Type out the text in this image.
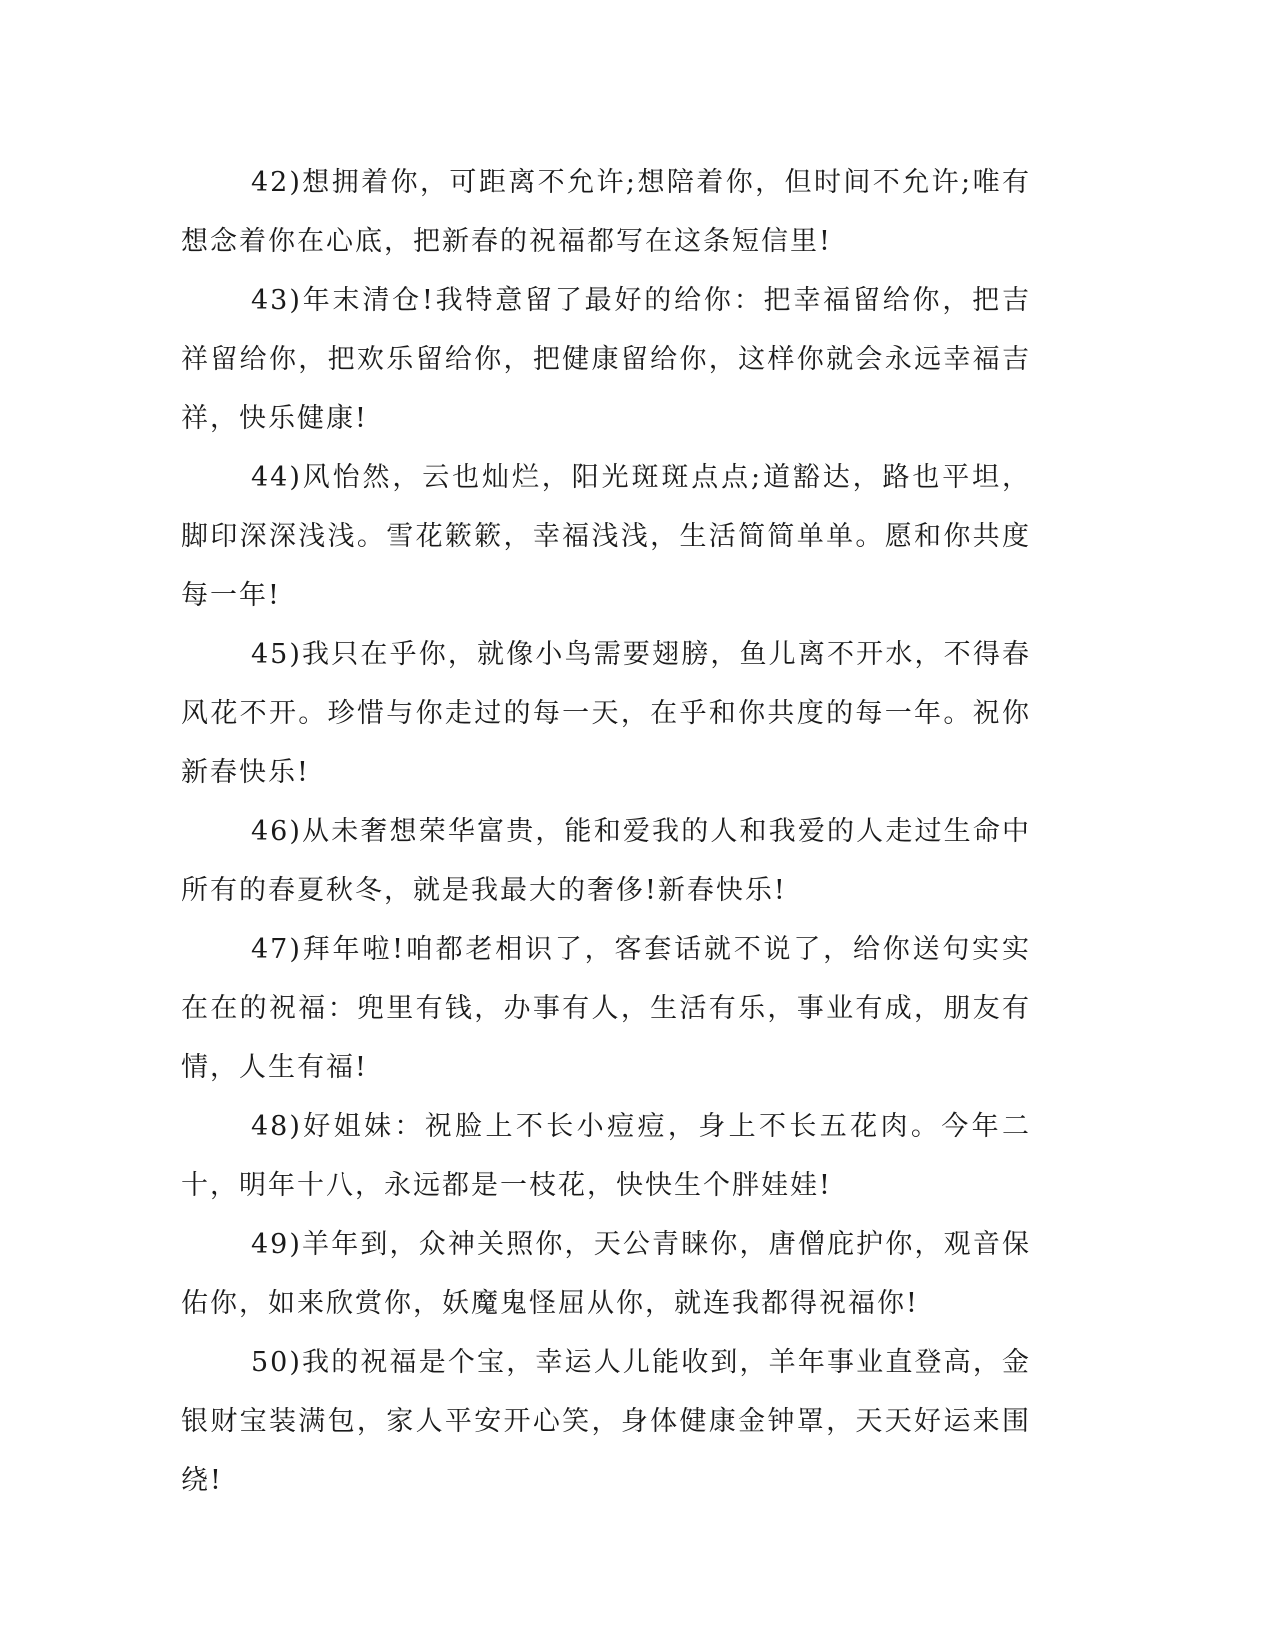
42)想拥着你，可距离不允许;想陪着你，但时间不允许;唯有想念着你在心底，把新春的祝福都写在这条短信里!

43)年末清仓!我特意留了最好的给你：把幸福留给你，把吉祥留给你，把欢乐留给你，把健康留给你，这样你就会永远幸福吉祥，快乐健康!

44)风怡然，云也灿烂，阳光斑斑点点;道豁达，路也平坦，脚印深深浅浅。雪花簌簌，幸福浅浅，生活简简单单。愿和你共度每一年!

45)我只在乎你，就像小鸟需要翅膀，鱼儿离不开水，不得春风花不开。珍惜与你走过的每一天，在乎和你共度的每一年。祝你新春快乐!

46)从未奢想荣华富贵，能和爱我的人和我爱的人走过生命中所有的春夏秋冬，就是我最大的奢侈!新春快乐!

47)拜年啦!咱都老相识了，客套话就不说了，给你送句实实在在的祝福：兜里有钱，办事有人，生活有乐，事业有成，朋友有情，人生有福!

48)好姐妹：祝脸上不长小痘痘，身上不长五花肉。今年二十，明年十八，永远都是一枝花，快快生个胖娃娃!

49)羊年到，众神关照你，天公青睐你，唐僧庇护你，观音保佑你，如来欣赏你，妖魔鬼怪屈从你，就连我都得祝福你!

50)我的祝福是个宝，幸运人儿能收到，羊年事业直登高，金银财宝装满包，家人平安开心笑，身体健康金钟罩，天天好运来围绕!
